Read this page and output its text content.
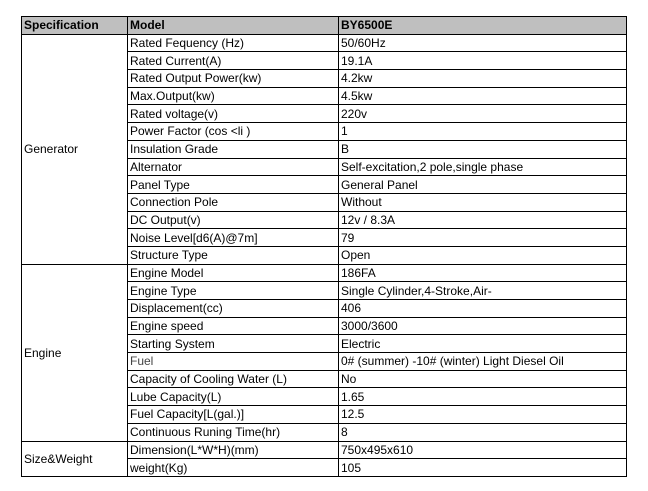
Specification	Model	BY6500E
Generator	Rated Fequency (Hz)	50/60Hz
	Rated Current(A)	19.1A
	Rated Output Power(kw)	4.2kw
	Max.Output(kw)	4.5kw
	Rated voltage(v)	220v
	Power Factor (cos <li )	1
	Insulation Grade	B
	Alternator	Self-excitation,2 pole,single phase
	Panel Type	General Panel
	Connection Pole	Without
	DC Output(v)	12v / 8.3A
	Noise Level[d6(A)@7m]	79
	Structure Type	Open
Engine	Engine Model	186FA
	Engine Type	Single Cylinder,4-Stroke,Air-
	Displacement(cc)	406
	Engine speed	3000/3600
	Starting System	Electric
	Fuel	0# (summer) -10# (winter) Light Diesel Oil
	Capacity of Cooling Water (L)	No
	Lube Capacity(L)	1.65
	Fuel Capacity[L(gal.)]	12.5
	Continuous Runing Time(hr)	8
Size&Weight	Dimension(L*W*H)(mm)	750x495x610
	weight(Kg)	105
